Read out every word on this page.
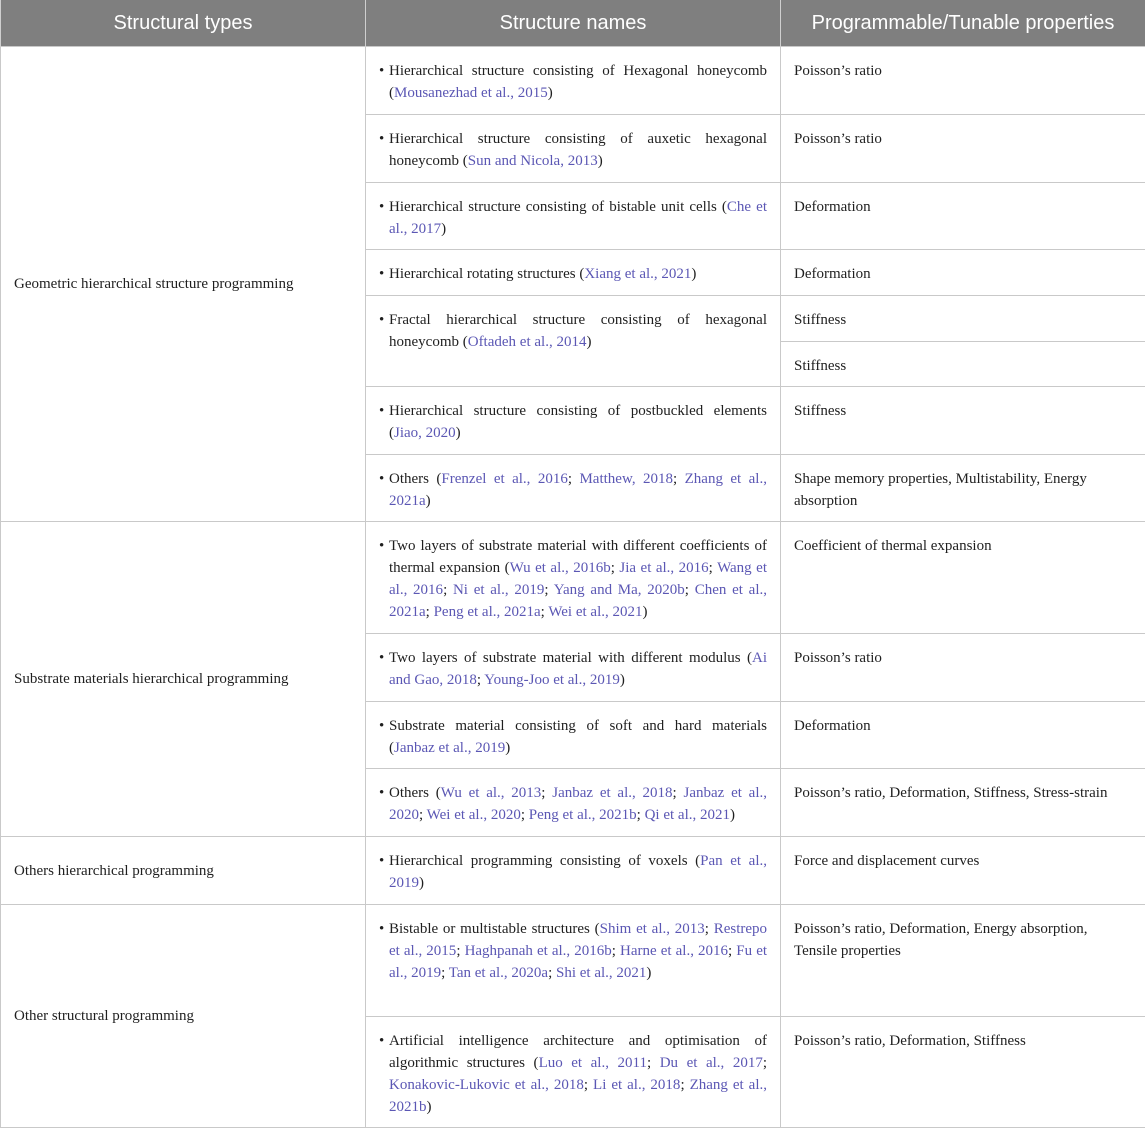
Structural types	Structure names	Programmable/Tunable properties
Geometric hierarchical structure programming	• Hierarchical structure consisting of Hexagonal honeycomb (Mousanezhad et al., 2015)	Poisson’s ratio

	• Hierarchical structure consisting of auxetic hexagonal honeycomb (Sun and Nicola, 2013)	Poisson’s ratio

	• Hierarchical structure consisting of bistable unit cells (Che et al., 2017)	Deformation

	• Hierarchical rotating structures (Xiang et al., 2021)	Deformation

	• Fractal hierarchical structure consisting of hexagonal honeycomb (Oftadeh et al., 2014)	Stiffness
		Stiffness

	• Hierarchical structure consisting of postbuckled elements (Jiao, 2020)	Stiffness

	• Others (Frenzel et al., 2016; Matthew, 2018; Zhang et al., 2021a)	Shape memory properties, Multistability, Energy absorption
Substrate materials hierarchical programming	• Two layers of substrate material with different coefficients of thermal expansion (Wu et al., 2016b; Jia et al., 2016; Wang et al., 2016; Ni et al., 2019; Yang and Ma, 2020b; Chen et al., 2021a; Peng et al., 2021a; Wei et al., 2021)	Coefficient of thermal expansion

	• Two layers of substrate material with different modulus (Ai and Gao, 2018; Young-Joo et al., 2019)	Poisson’s ratio

	• Substrate material consisting of soft and hard materials (Janbaz et al., 2019)	Deformation

	• Others (Wu et al., 2013; Janbaz et al., 2018; Janbaz et al., 2020; Wei et al., 2020; Peng et al., 2021b; Qi et al., 2021)	Poisson’s ratio, Deformation, Stiffness, Stress-strain
Others hierarchical programming	• Hierarchical programming consisting of voxels (Pan et al., 2019)	Force and displacement curves
Other structural programming	• Bistable or multistable structures (Shim et al., 2013; Restrepo et al., 2015; Haghpanah et al., 2016b; Harne et al., 2016; Fu et al., 2019; Tan et al., 2020a; Shi et al., 2021)	Poisson’s ratio, Deformation, Energy absorption, Tensile properties

	• Artificial intelligence architecture and optimisation of algorithmic structures (Luo et al., 2011; Du et al., 2017; Konakovic-Lukovic et al., 2018; Li et al., 2018; Zhang et al., 2021b)	Poisson’s ratio, Deformation, Stiffness
